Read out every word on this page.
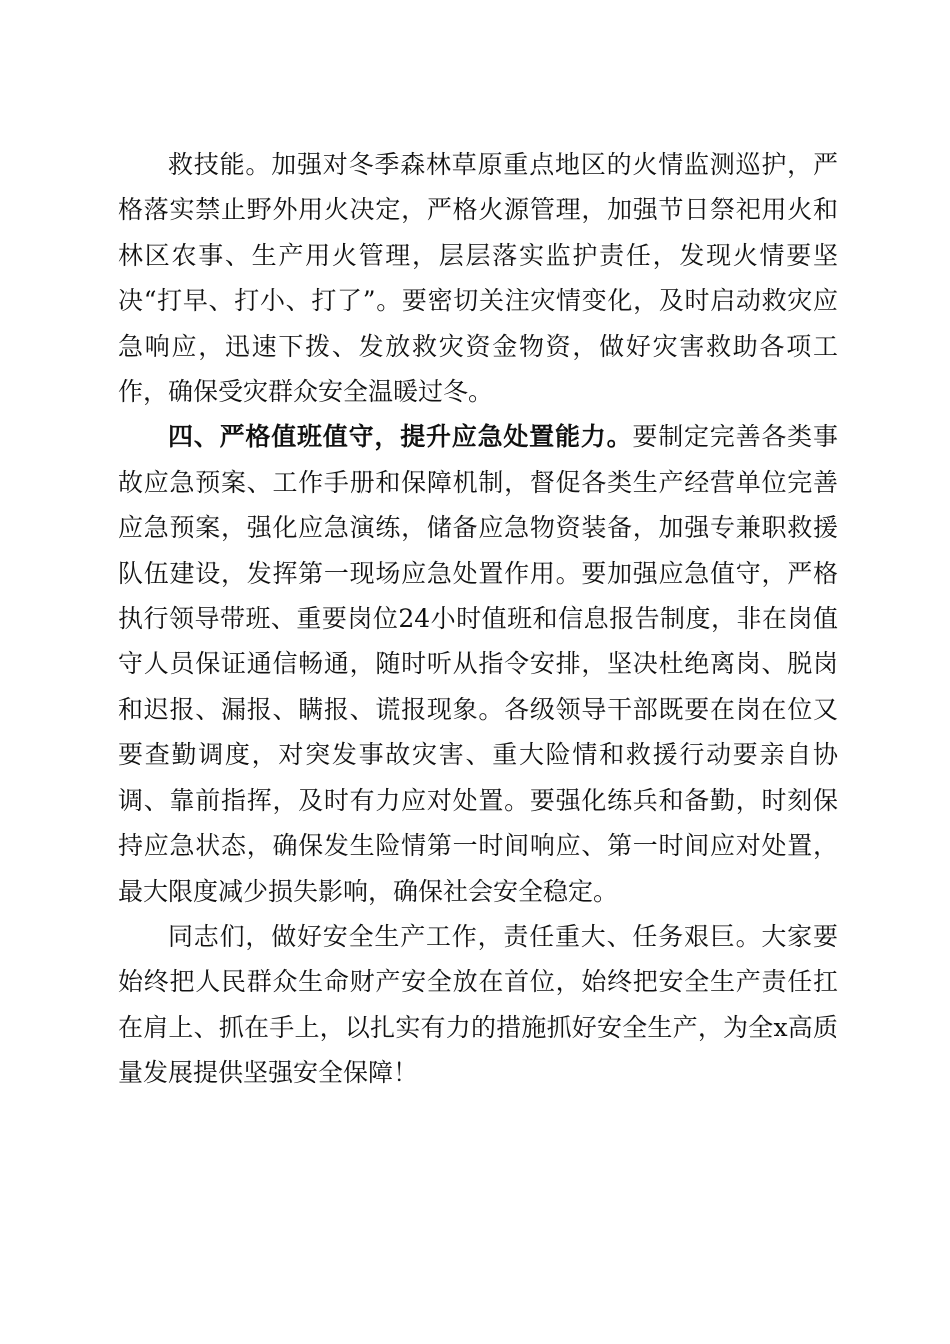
救技能。加强对冬季森林草原重点地区的火情监测巡护，严格落实禁止野外用火决定，严格火源管理，加强节日祭祀用火和林区农事、生产用火管理，层层落实监护责任，发现火情要坚决“打早、打小、打了”。要密切关注灾情变化，及时启动救灾应急响应，迅速下拨、发放救灾资金物资，做好灾害救助各项工作，确保受灾群众安全温暖过冬。

四、严格值班值守，提升应急处置能力。要制定完善各类事故应急预案、工作手册和保障机制，督促各类生产经营单位完善应急预案，强化应急演练，储备应急物资装备，加强专兼职救援队伍建设，发挥第一现场应急处置作用。要加强应急值守，严格执行领导带班、重要岗位24小时值班和信息报告制度，非在岗值守人员保证通信畅通，随时听从指令安排，坚决杜绝离岗、脱岗和迟报、漏报、瞒报、谎报现象。各级领导干部既要在岗在位又要查勤调度，对突发事故灾害、重大险情和救援行动要亲自协调、靠前指挥，及时有力应对处置。要强化练兵和备勤，时刻保持应急状态，确保发生险情第一时间响应、第一时间应对处置，最大限度减少损失影响，确保社会安全稳定。

同志们，做好安全生产工作，责任重大、任务艰巨。大家要始终把人民群众生命财产安全放在首位，始终把安全生产责任扛在肩上、抓在手上，以扎实有力的措施抓好安全生产，为全x高质量发展提供坚强安全保障！
